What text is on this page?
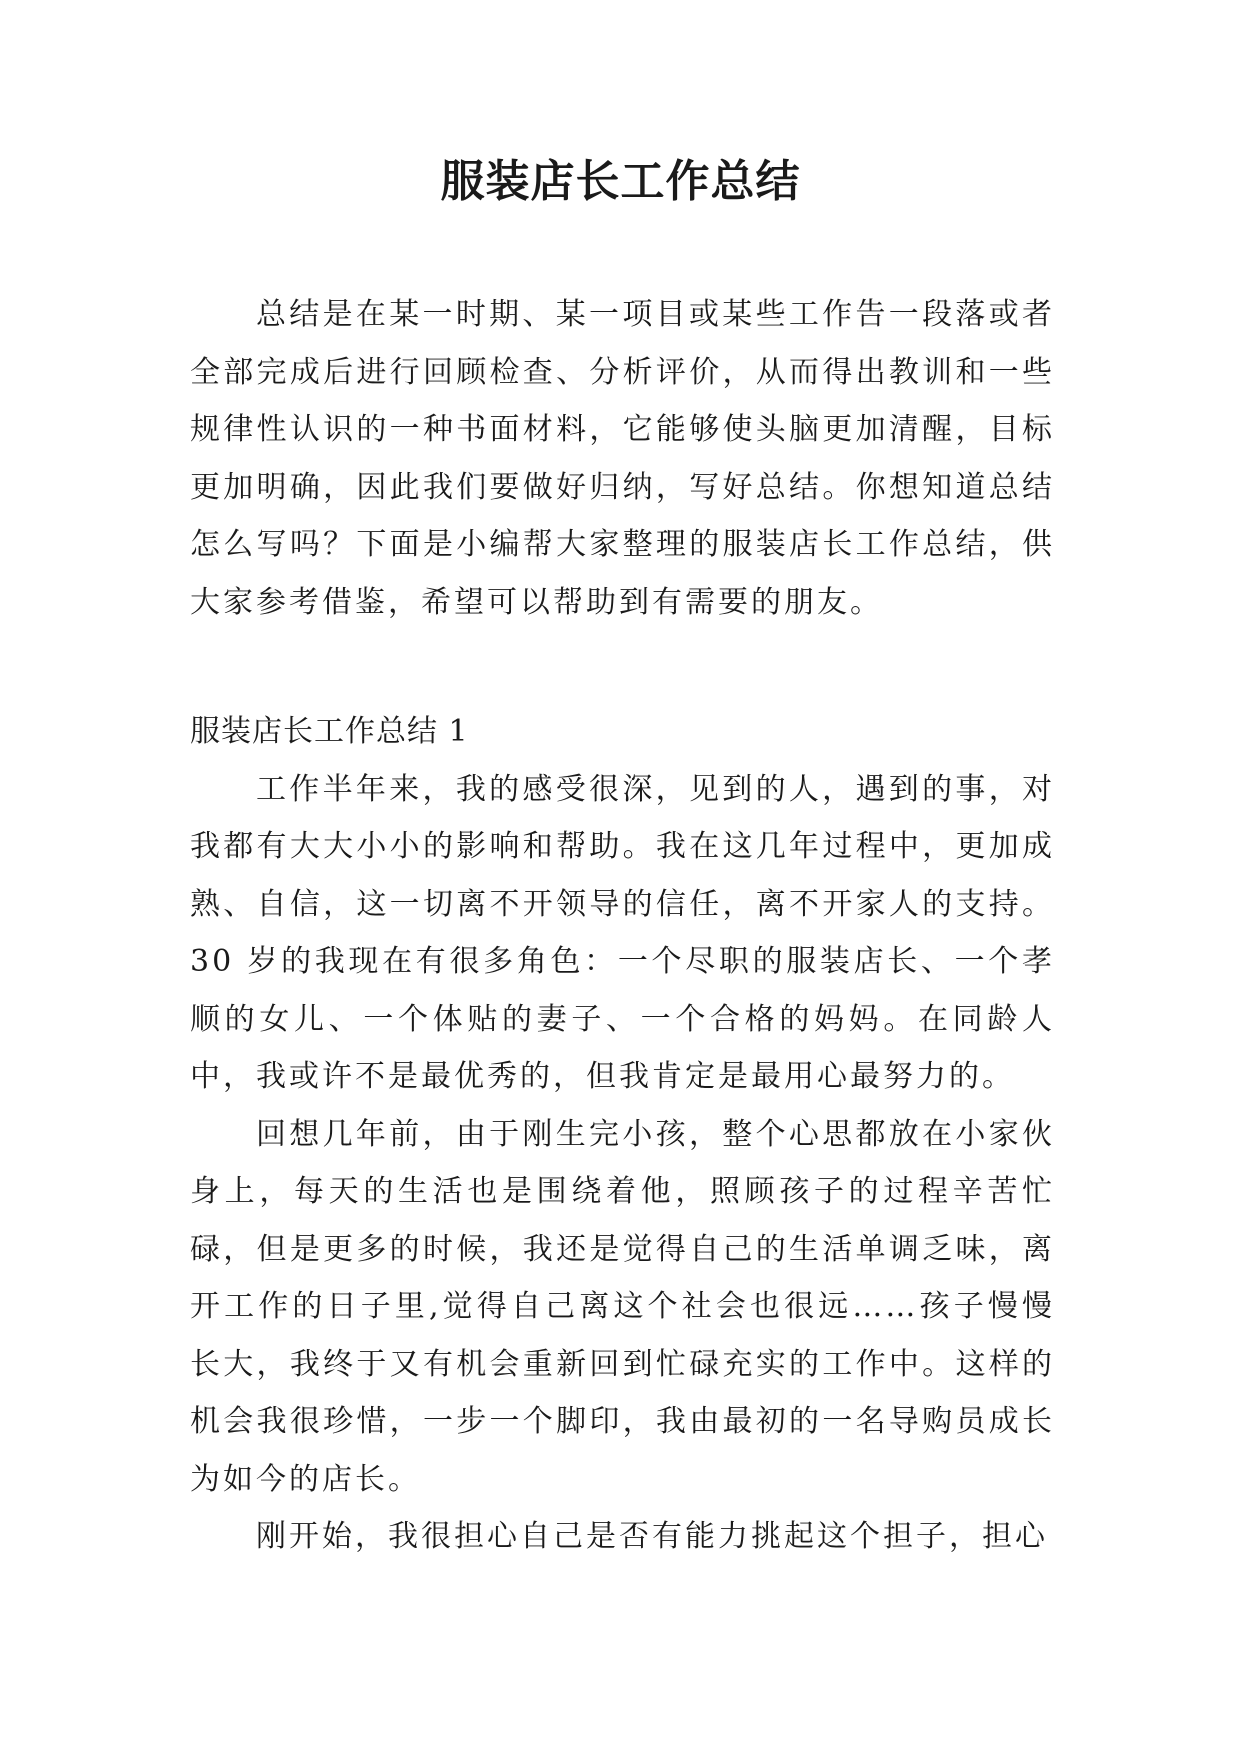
服装店长工作总结

总结是在某一时期、某一项目或某些工作告一段落或者全部完成后进行回顾检查、分析评价，从而得出教训和一些规律性认识的一种书面材料，它能够使头脑更加清醒，目标更加明确，因此我们要做好归纳，写好总结。你想知道总结怎么写吗？下面是小编帮大家整理的服装店长工作总结，供大家参考借鉴，希望可以帮助到有需要的朋友。

服装店长工作总结 1

工作半年来，我的感受很深，见到的人，遇到的事，对我都有大大小小的影响和帮助。我在这几年过程中，更加成熟、自信，这一切离不开领导的信任，离不开家人的支持。30 岁的我现在有很多角色：一个尽职的服装店长、一个孝顺的女儿、一个体贴的妻子、一个合格的妈妈。在同龄人中，我或许不是最优秀的，但我肯定是最用心最努力的。

回想几年前，由于刚生完小孩，整个心思都放在小家伙身上，每天的生活也是围绕着他，照顾孩子的过程辛苦忙碌，但是更多的时候，我还是觉得自己的生活单调乏味，离开工作的日子里,觉得自己离这个社会也很远……孩子慢慢长大，我终于又有机会重新回到忙碌充实的工作中。这样的机会我很珍惜，一步一个脚印，我由最初的一名导购员成长为如今的店长。

刚开始，我很担心自己是否有能力挑起这个担子，担心
